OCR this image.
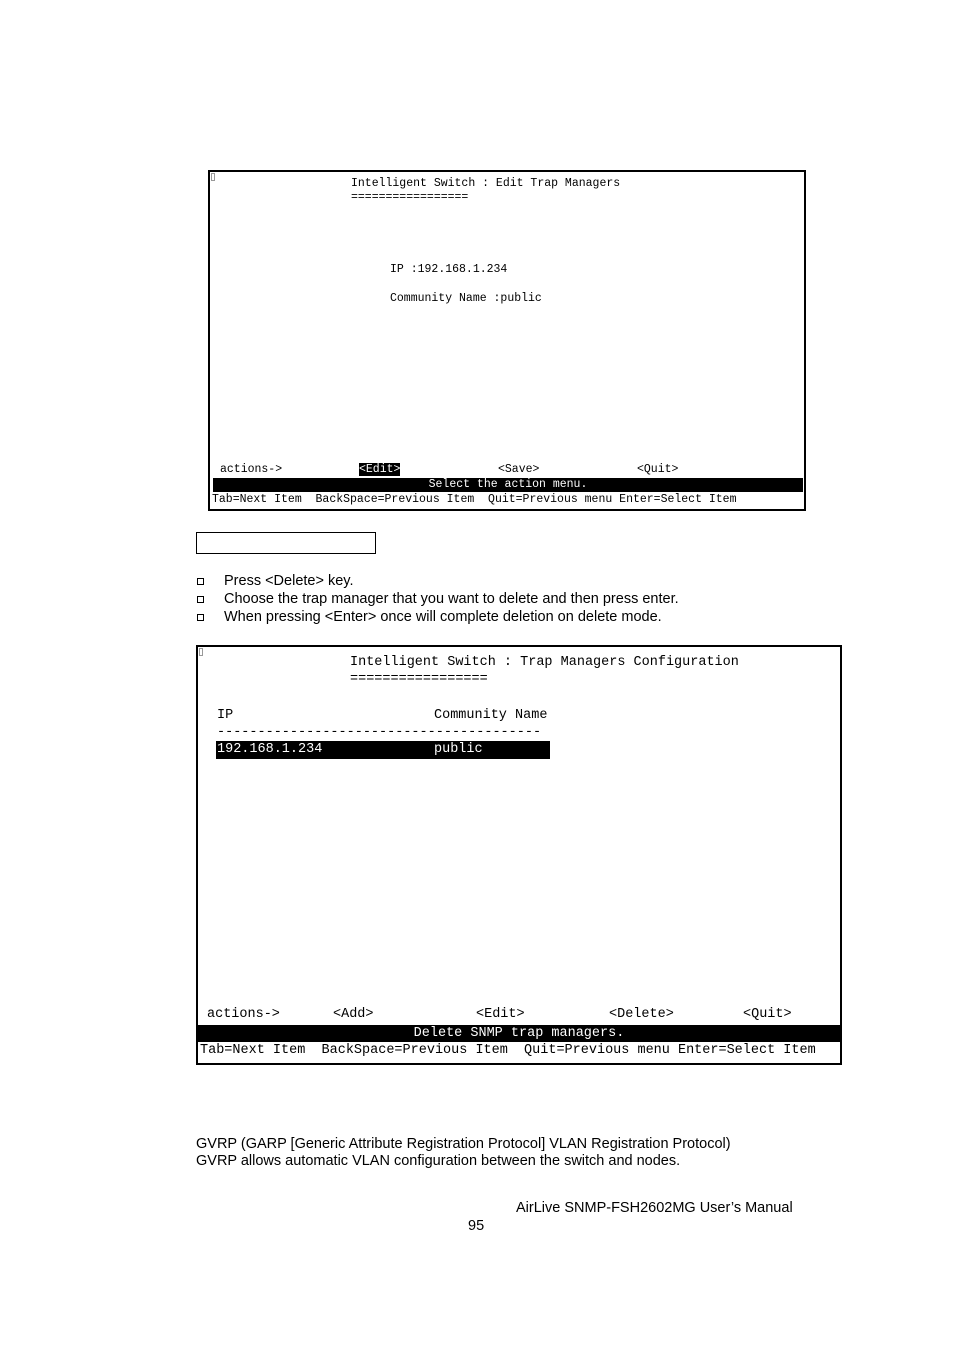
Intelligent Switch : Edit Trap Managers
=================
IP :192.168.1.234
Community Name :public
actions->	<Edit>	<Save>	<Quit>
Select the action menu.
Tab=Next Item  BackSpace=Previous Item  Quit=Previous menu Enter=Select Item
Press <Delete> key.
Choose the trap manager that you want to delete and then press enter.
When pressing <Enter> once will complete deletion on delete mode.
Intelligent Switch : Trap Managers Configuration
=================
IP	Community Name
----------------------------------------
192.168.1.234	public
actions->	<Add>	<Edit>	<Delete>	<Quit>
Delete SNMP trap managers.
Tab=Next Item  BackSpace=Previous Item  Quit=Previous menu Enter=Select Item
GVRP (GARP [Generic Attribute Registration Protocol] VLAN Registration Protocol)
GVRP allows automatic VLAN configuration between the switch and nodes.
AirLive SNMP-FSH2602MG User’s Manual
95
